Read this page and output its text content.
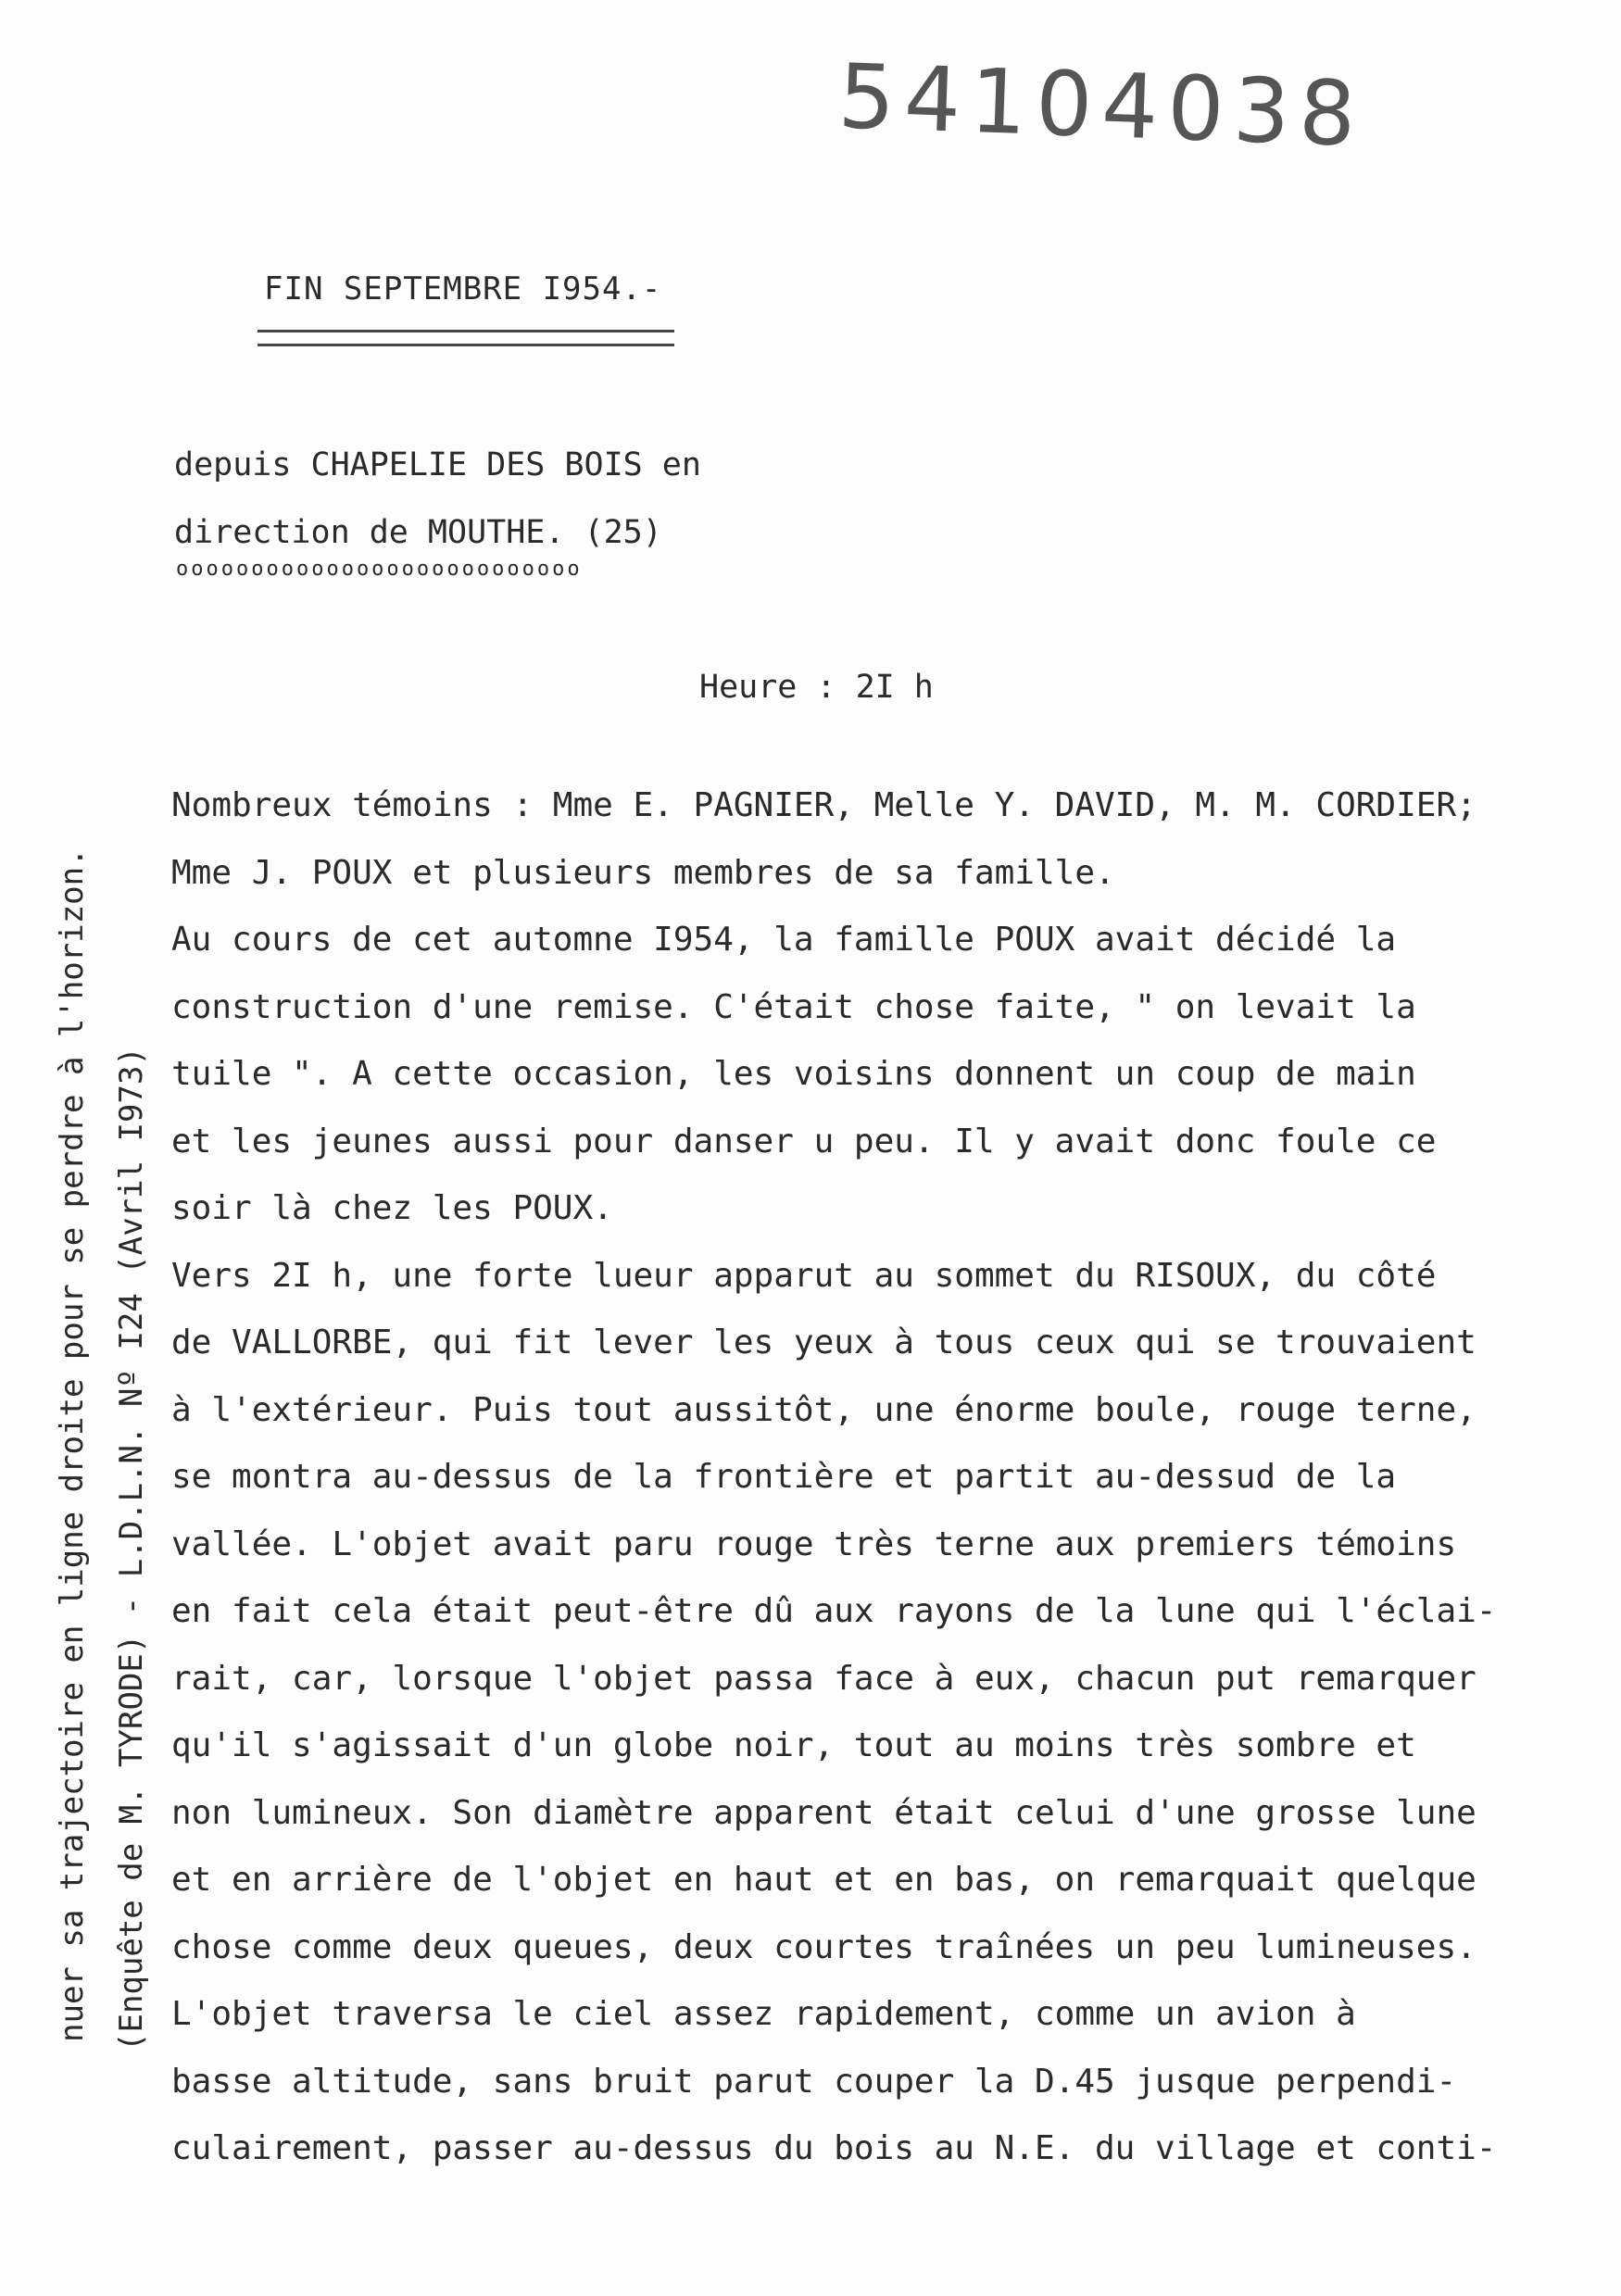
54104038
FIN SEPTEMBRE I954.-
depuis CHAPELIE DES BOIS en
direction de MOUTHE. (25)
ooooooooooooooooooooooooooo
Heure : 2I h
Nombreux témoins : Mme E. PAGNIER, Melle Y. DAVID, M. M. CORDIER;
Mme J. POUX et plusieurs membres de sa famille.
Au cours de cet automne I954, la famille POUX avait décidé la
construction d'une remise. C'était chose faite, " on levait la
tuile ". A cette occasion, les voisins donnent un coup de main
et les jeunes aussi pour danser u peu. Il y avait donc foule ce
soir là chez les POUX.
Vers 2I h, une forte lueur apparut au sommet du RISOUX, du côté
de VALLORBE, qui fit lever les yeux à tous ceux qui se trouvaient
à l'extérieur. Puis tout aussitôt, une énorme boule, rouge terne,
se montra au-dessus de la frontière et partit au-dessud de la
vallée. L'objet avait paru rouge très terne aux premiers témoins
en fait cela était peut-être dû aux rayons de la lune qui l'éclai-
rait, car, lorsque l'objet passa face à eux, chacun put remarquer
qu'il s'agissait d'un globe noir, tout au moins très sombre et
non lumineux. Son diamètre apparent était celui d'une grosse lune
et en arrière de l'objet en haut et en bas, on remarquait quelque
chose comme deux queues, deux courtes traînées un peu lumineuses.
L'objet traversa le ciel assez rapidement, comme un avion à
basse altitude, sans bruit parut couper la D.45 jusque perpendi-
culairement, passer au-dessus du bois au N.E. du village et conti-
nuer sa trajectoire en ligne droite pour se perdre à l'horizon. (Enquête de M. TYRODE) - L.D.L.N. Nº I24 (Avril I973)
